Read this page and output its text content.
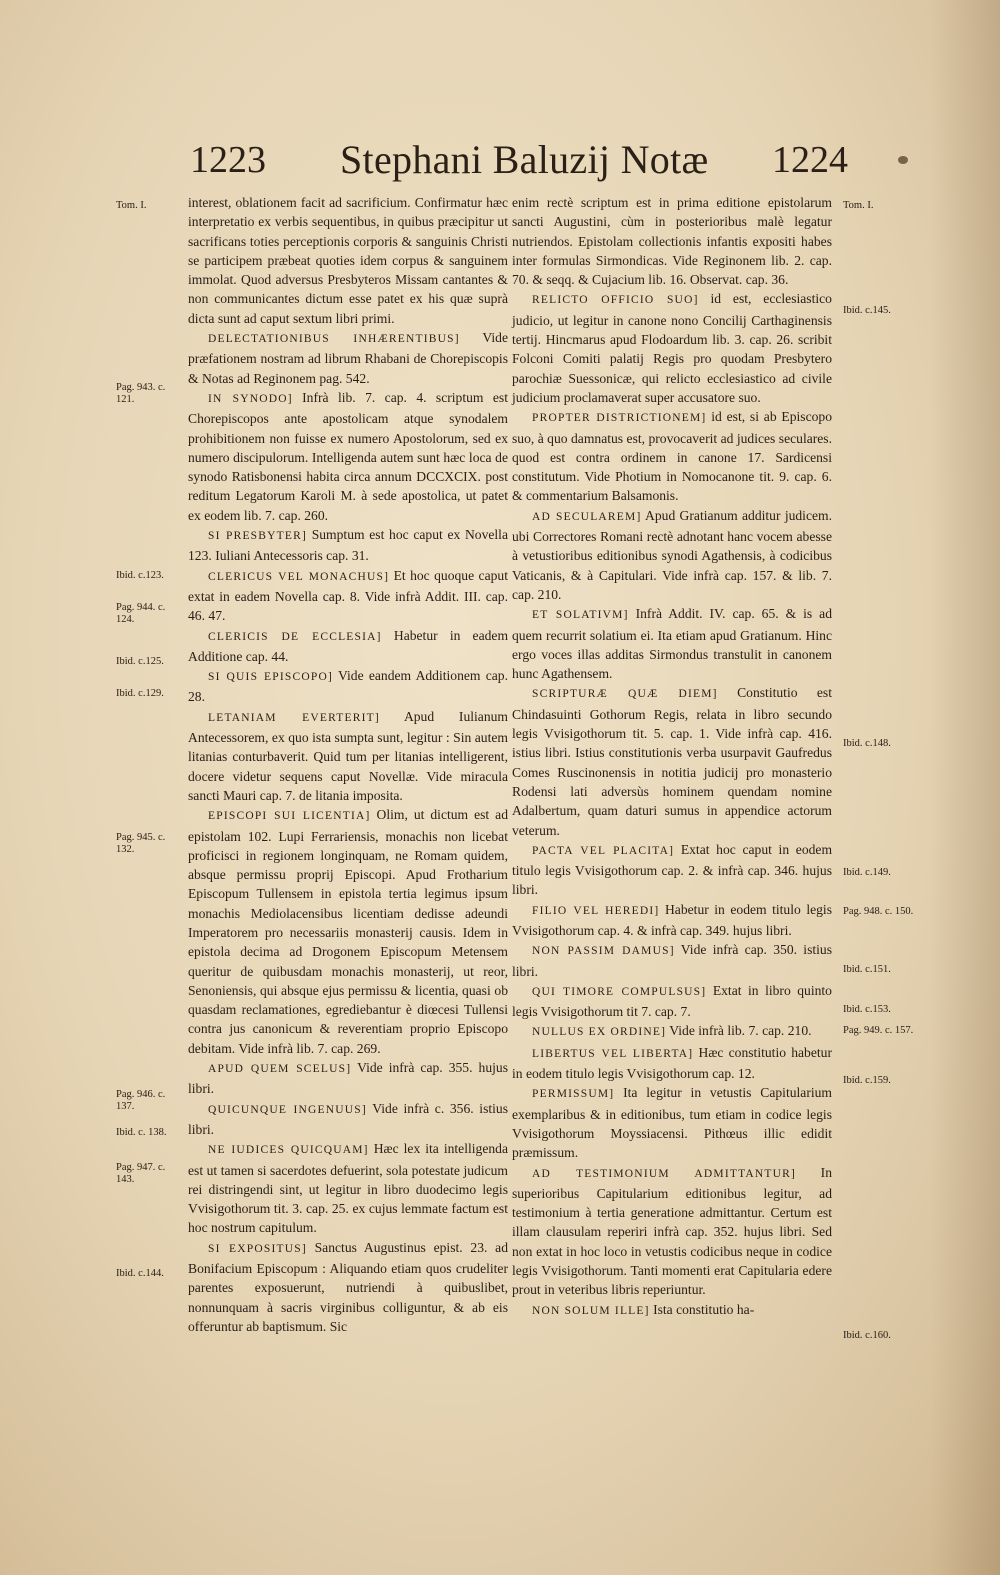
1223 Stephani Baluzij Notæ 1224
Tom. I.
Pag. 943. c. 121.
Ibid. c.123.
Pag. 944. c. 124.
Ibid. c.125.
Ibid. c.129.
Pag. 945. c. 132.
Pag. 946. c. 137.
Ibid. c. 138.
Pag. 947. c. 143.
Ibid. c.144.
Tom. I.
Ibid. c.145.
Ibid. c.148.
Ibid. c.149.
Pag. 948. c. 150.
Ibid. c.151.
Ibid. c.153.
Pag. 949. c. 157.
Ibid. c.159.
Ibid. c.160.

interest, oblationem facit ad sacrificium. Confirmatur hæc interpretatio ex verbis sequentibus, in quibus præcipitur ut sacrificans toties perceptionis corporis & sanguinis Christi se participem præbeat quoties idem corpus & sanguinem immolat. Quod adversus Presbyteros Missam cantantes & non communicantes dictum esse patet ex his quæ suprà dicta sunt ad caput sextum libri primi.

DELECTATIONIBUS INHÆRENTIBUS] Vide præfationem nostram ad librum Rhabani de Chorepiscopis & Notas ad Reginonem pag. 542.

IN SYNODO] Infrà lib. 7. cap. 4. scriptum est Chorepiscopos ante apostolicam atque synodalem prohibitionem non fuisse ex numero Apostolorum, sed ex numero discipulorum. Intelligenda autem sunt hæc loca de synodo Ratisbonensi habita circa annum DCCXCIX. post reditum Legatorum Karoli M. à sede apostolica, ut patet ex eodem lib. 7. cap. 260.

SI PRESBYTER] Sumptum est hoc caput ex Novella 123. Iuliani Antecessoris cap. 31.

CLERICUS VEL MONACHUS] Et hoc quoque caput extat in eadem Novella cap. 8. Vide infrà Addit. III. cap. 46. 47.

CLERICIS DE ECCLESIA] Habetur in eadem Additione cap. 44.

SI QUIS EPISCOPO] Vide eandem Additionem cap. 28.

LETANIAM EVERTERIT] Apud Iulianum Antecessorem, ex quo ista sumpta sunt, legitur : Sin autem litanias conturbaverit. Quid tum per litanias intelligerent, docere videtur sequens caput Novellæ. Vide miracula sancti Mauri cap. 7. de litania imposita.

EPISCOPI SUI LICENTIA] Olim, ut dictum est ad epistolam 102. Lupi Ferrariensis, monachis non licebat proficisci in regionem longinquam, ne Romam quidem, absque permissu proprij Episcopi. Apud Frotharium Episcopum Tullensem in epistola tertia legimus ipsum monachis Mediolacensibus licentiam dedisse adeundi Imperatorem pro necessariis monasterij causis. Idem in epistola decima ad Drogonem Episcopum Metensem queritur de quibusdam monachis monasterij, ut reor, Senoniensis, qui absque ejus permissu & licentia, quasi ob quasdam reclamationes, egrediebantur è diœcesi Tullensi contra jus canonicum & reverentiam proprio Episcopo debitam. Vide infrà lib. 7. cap. 269.

APUD QUEM SCELUS] Vide infrà cap. 355. hujus libri.

QUICUNQUE INGENUUS] Vide infrà c. 356. istius libri.

NE IUDICES QUICQUAM] Hæc lex ita intelligenda est ut tamen si sacerdotes defuerint, sola potestate judicum rei distringendi sint, ut legitur in libro duodecimo legis Vvisigothorum tit. 3. cap. 25. ex cujus lemmate factum est hoc nostrum capitulum.

SI EXPOSITUS] Sanctus Augustinus epist. 23. ad Bonifacium Episcopum : Aliquando etiam quos crudeliter parentes exposuerunt, nutriendi à quibuslibet, nonnunquam à sacris virginibus colliguntur, & ab eis offeruntur ab baptismum. Sic

enim rectè scriptum est in prima editione epistolarum sancti Augustini, cùm in posterioribus malè legatur nutriendos. Epistolam collectionis infantis expositi habes inter formulas Sirmondicas. Vide Reginonem lib. 2. cap. 70. & seqq. & Cujacium lib. 16. Observat. cap. 36.

RELICTO OFFICIO SUO] id est, ecclesiastico judicio, ut legitur in canone nono Concilij Carthaginensis tertij. Hincmarus apud Flodoardum lib. 3. cap. 26. scribit Folconi Comiti palatij Regis pro quodam Presbytero parochiæ Suessonicæ, qui relicto ecclesiastico ad civile judicium proclamaverat super accusatore suo.

PROPTER DISTRICTIONEM] id est, si ab Episcopo suo, à quo damnatus est, provocaverit ad judices seculares. quod est contra ordinem in canone 17. Sardicensi constitutum. Vide Photium in Nomocanone tit. 9. cap. 6. & commentarium Balsamonis.

AD SECULAREM] Apud Gratianum additur judicem. ubi Correctores Romani rectè adnotant hanc vocem abesse à vetustioribus editionibus synodi Agathensis, à codicibus Vaticanis, & à Capitulari. Vide infrà cap. 157. & lib. 7. cap. 210.

ET SOLATIVM] Infrà Addit. IV. cap. 65. & is ad quem recurrit solatium ei. Ita etiam apud Gratianum. Hinc ergo voces illas additas Sirmondus transtulit in canonem hunc Agathensem.

SCRIPTURÆ QUÆ DIEM] Constitutio est Chindasuinti Gothorum Regis, relata in libro secundo legis Vvisigothorum tit. 5. cap. 1. Vide infrà cap. 416. istius libri. Istius constitutionis verba usurpavit Gaufredus Comes Ruscinonensis in notitia judicij pro monasterio Rodensi lati adversùs hominem quendam nomine Adalbertum, quam daturi sumus in appendice actorum veterum.

PACTA VEL PLACITA] Extat hoc caput in eodem titulo legis Vvisigothorum cap. 2. & infrà cap. 346. hujus libri.

FILIO VEL HEREDI] Habetur in eodem titulo legis Vvisigothorum cap. 4. & infrà cap. 349. hujus libri.

NON PASSIM DAMUS] Vide infrà cap. 350. istius libri.

QUI TIMORE COMPULSUS] Extat in libro quinto legis Vvisigothorum tit 7. cap. 7.

NULLUS EX ORDINE] Vide infrà lib. 7. cap. 210.

LIBERTUS VEL LIBERTA] Hæc constitutio habetur in eodem titulo legis Vvisigothorum cap. 12.

PERMISSUM] Ita legitur in vetustis Capitularium exemplaribus & in editionibus, tum etiam in codice legis Vvisigothorum Moyssiacensi. Pithœus illic edidit præmissum.

AD TESTIMONIUM ADMITTANTUR] In superioribus Capitularium editionibus legitur, ad testimonium à tertia generatione admittantur. Certum est illam clausulam reperiri infrà cap. 352. hujus libri. Sed non extat in hoc loco in vetustis codicibus neque in codice legis Vvisigothorum. Tanti momenti erat Capitularia edere prout in veteribus libris reperiuntur.

NON SOLUM ILLE] Ista constitutio ha-
